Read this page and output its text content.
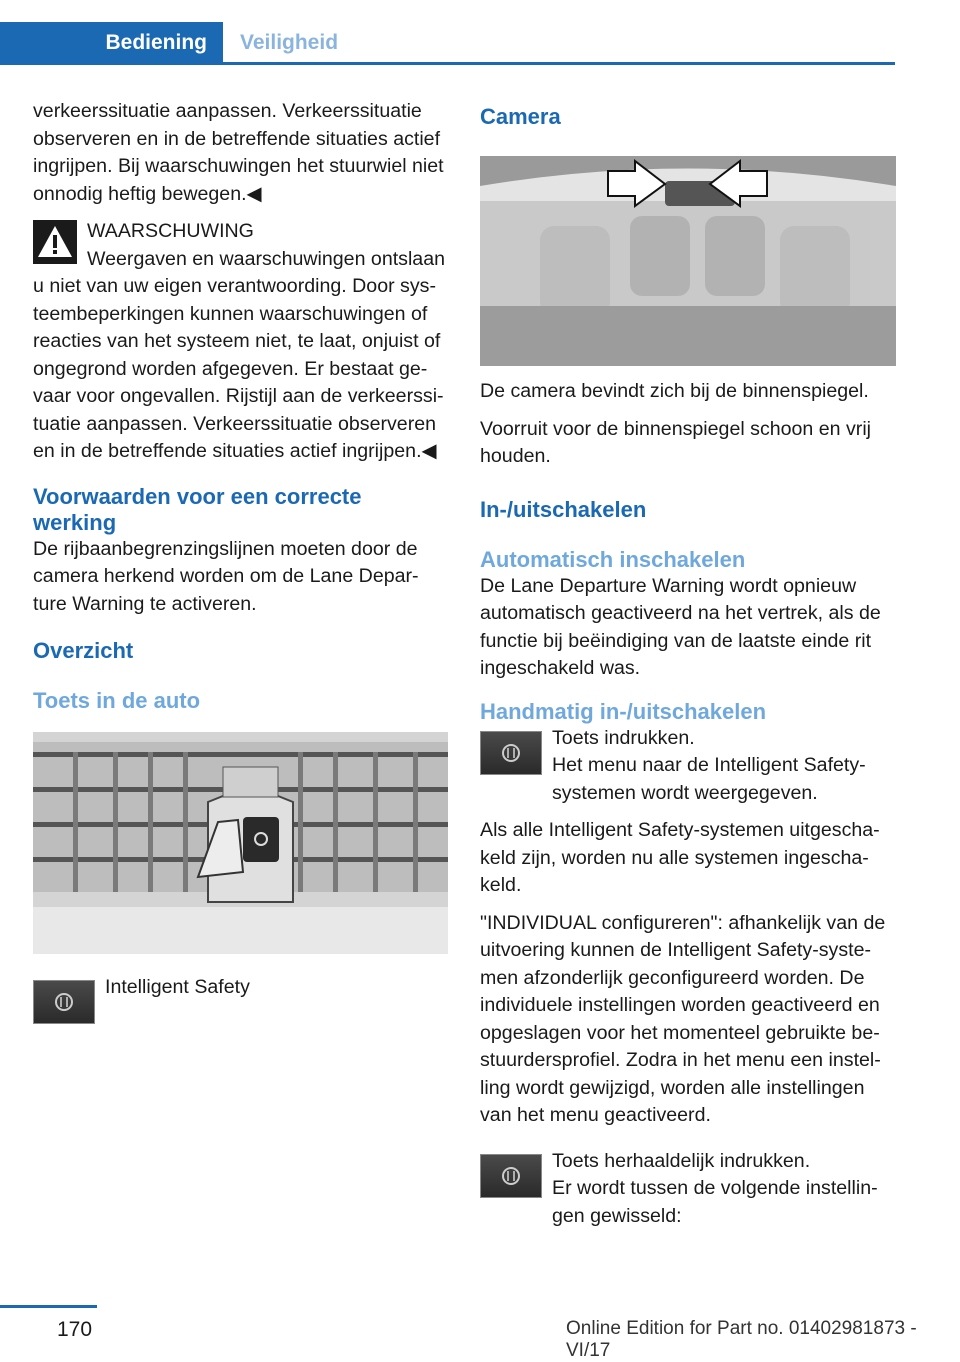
Bediening	Veiligheid

verkeerssituatie aanpassen. Verkeerssituatie observeren en in de betreffende situaties actief ingrijpen. Bij waarschuwingen het stuurwiel niet onnodig heftig bewegen.◀

WAARSCHUWING

Weergaven en waarschuwingen ontslaan u niet van uw eigen verantwoording. Door sys‐teembeperkingen kunnen waarschuwingen of reacties van het systeem niet, te laat, onjuist of ongegrond worden afgegeven. Er bestaat ge‐vaar voor ongevallen. Rijstijl aan de verkeerssi‐tuatie aanpassen. Verkeerssituatie observeren en in de betreffende situaties actief ingrijpen.◀

Voorwaarden voor een correcte werking

De rijbaanbegrenzingslijnen moeten door de camera herkend worden om de Lane Depar‐ture Warning te activeren.

Overzicht
Toets in de auto
Intelligent Safety
Camera

De camera bevindt zich bij de binnenspiegel.

Voorruit voor de binnenspiegel schoon en vrij houden.

In-/uitschakelen
Automatisch inschakelen

De Lane Departure Warning wordt opnieuw automatisch geactiveerd na het vertrek, als de functie bij beëindiging van de laatste einde rit ingeschakeld was.

Handmatig in-/uitschakelen
Toets indrukken.

Het menu naar de Intelligent Safety-systemen wordt weergegeven.

Als alle Intelligent Safety-systemen uitgescha‐keld zijn, worden nu alle systemen ingescha‐keld.

"INDIVIDUAL configureren": afhankelijk van de uitvoering kunnen de Intelligent Safety-syste‐men afzonderlijk geconfigureerd worden. De individuele instellingen worden geactiveerd en opgeslagen voor het momenteel gebruikte be‐stuurdersprofiel. Zodra in het menu een instel‐ling wordt gewijzigd, worden alle instellingen van het menu geactiveerd.

Toets herhaaldelijk indrukken.

Er wordt tussen de volgende instellin‐gen gewisseld:

170	Online Edition for Part no. 01402981873 - VI/17
